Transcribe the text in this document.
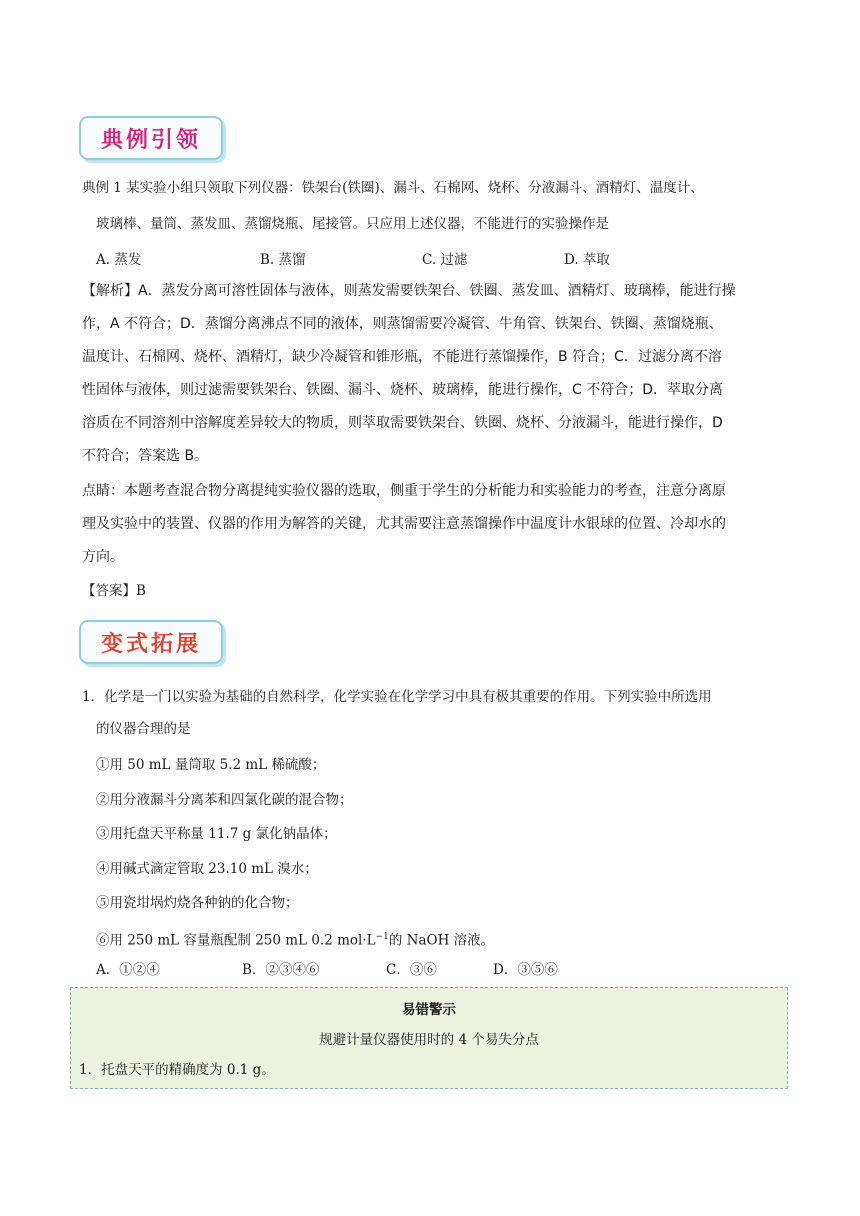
典例引领
典例 1 某实验小组只领取下列仪器：铁架台(铁圈)、漏斗、石棉网、烧杯、分液漏斗、酒精灯、温度计、
玻璃棒、量筒、蒸发皿、蒸馏烧瓶、尾接管。只应用上述仪器，不能进行的实验操作是
A. 蒸发	B. 蒸馏	C. 过滤	D. 萃取
【解析】A．蒸发分离可溶性固体与液体，则蒸发需要铁架台、铁圈、蒸发皿、酒精灯、玻璃棒，能进行操
作，A 不符合；D．蒸馏分离沸点不同的液体，则蒸馏需要冷凝管、牛角管、铁架台、铁圈、蒸馏烧瓶、
温度计、石棉网、烧杯、酒精灯，缺少冷凝管和锥形瓶，不能进行蒸馏操作，B 符合；C．过滤分离不溶
性固体与液体，则过滤需要铁架台、铁圈、漏斗、烧杯、玻璃棒，能进行操作，C 不符合；D．萃取分离
溶质在不同溶剂中溶解度差异较大的物质，则萃取需要铁架台、铁圈、烧杯、分液漏斗，能进行操作，D
不符合；答案选 B。
点睛：本题考查混合物分离提纯实验仪器的选取，侧重于学生的分析能力和实验能力的考查，注意分离原
理及实验中的装置、仪器的作用为解答的关键，尤其需要注意蒸馏操作中温度计水银球的位置、冷却水的
方向。
【答案】B
变式拓展
1．化学是一门以实验为基础的自然科学，化学实验在化学学习中具有极其重要的作用。下列实验中所选用
的仪器合理的是
①用 50 mL 量筒取 5.2 mL 稀硫酸；
②用分液漏斗分离苯和四氯化碳的混合物；
③用托盘天平称量 11.7 g 氯化钠晶体；
④用碱式滴定管取 23.10 mL 溴水；
⑤用瓷坩埚灼烧各种钠的化合物；
⑥用 250 mL 容量瓶配制 250 mL 0.2 $mol\cdot L^{-1}$的 NaOH 溶液。
A．①②④	B．②③④⑥	C．③⑥	D．③⑤⑥
易错警示
规避计量仪器使用时的 4 个易失分点
1．托盘天平的精确度为 0.1 g。
